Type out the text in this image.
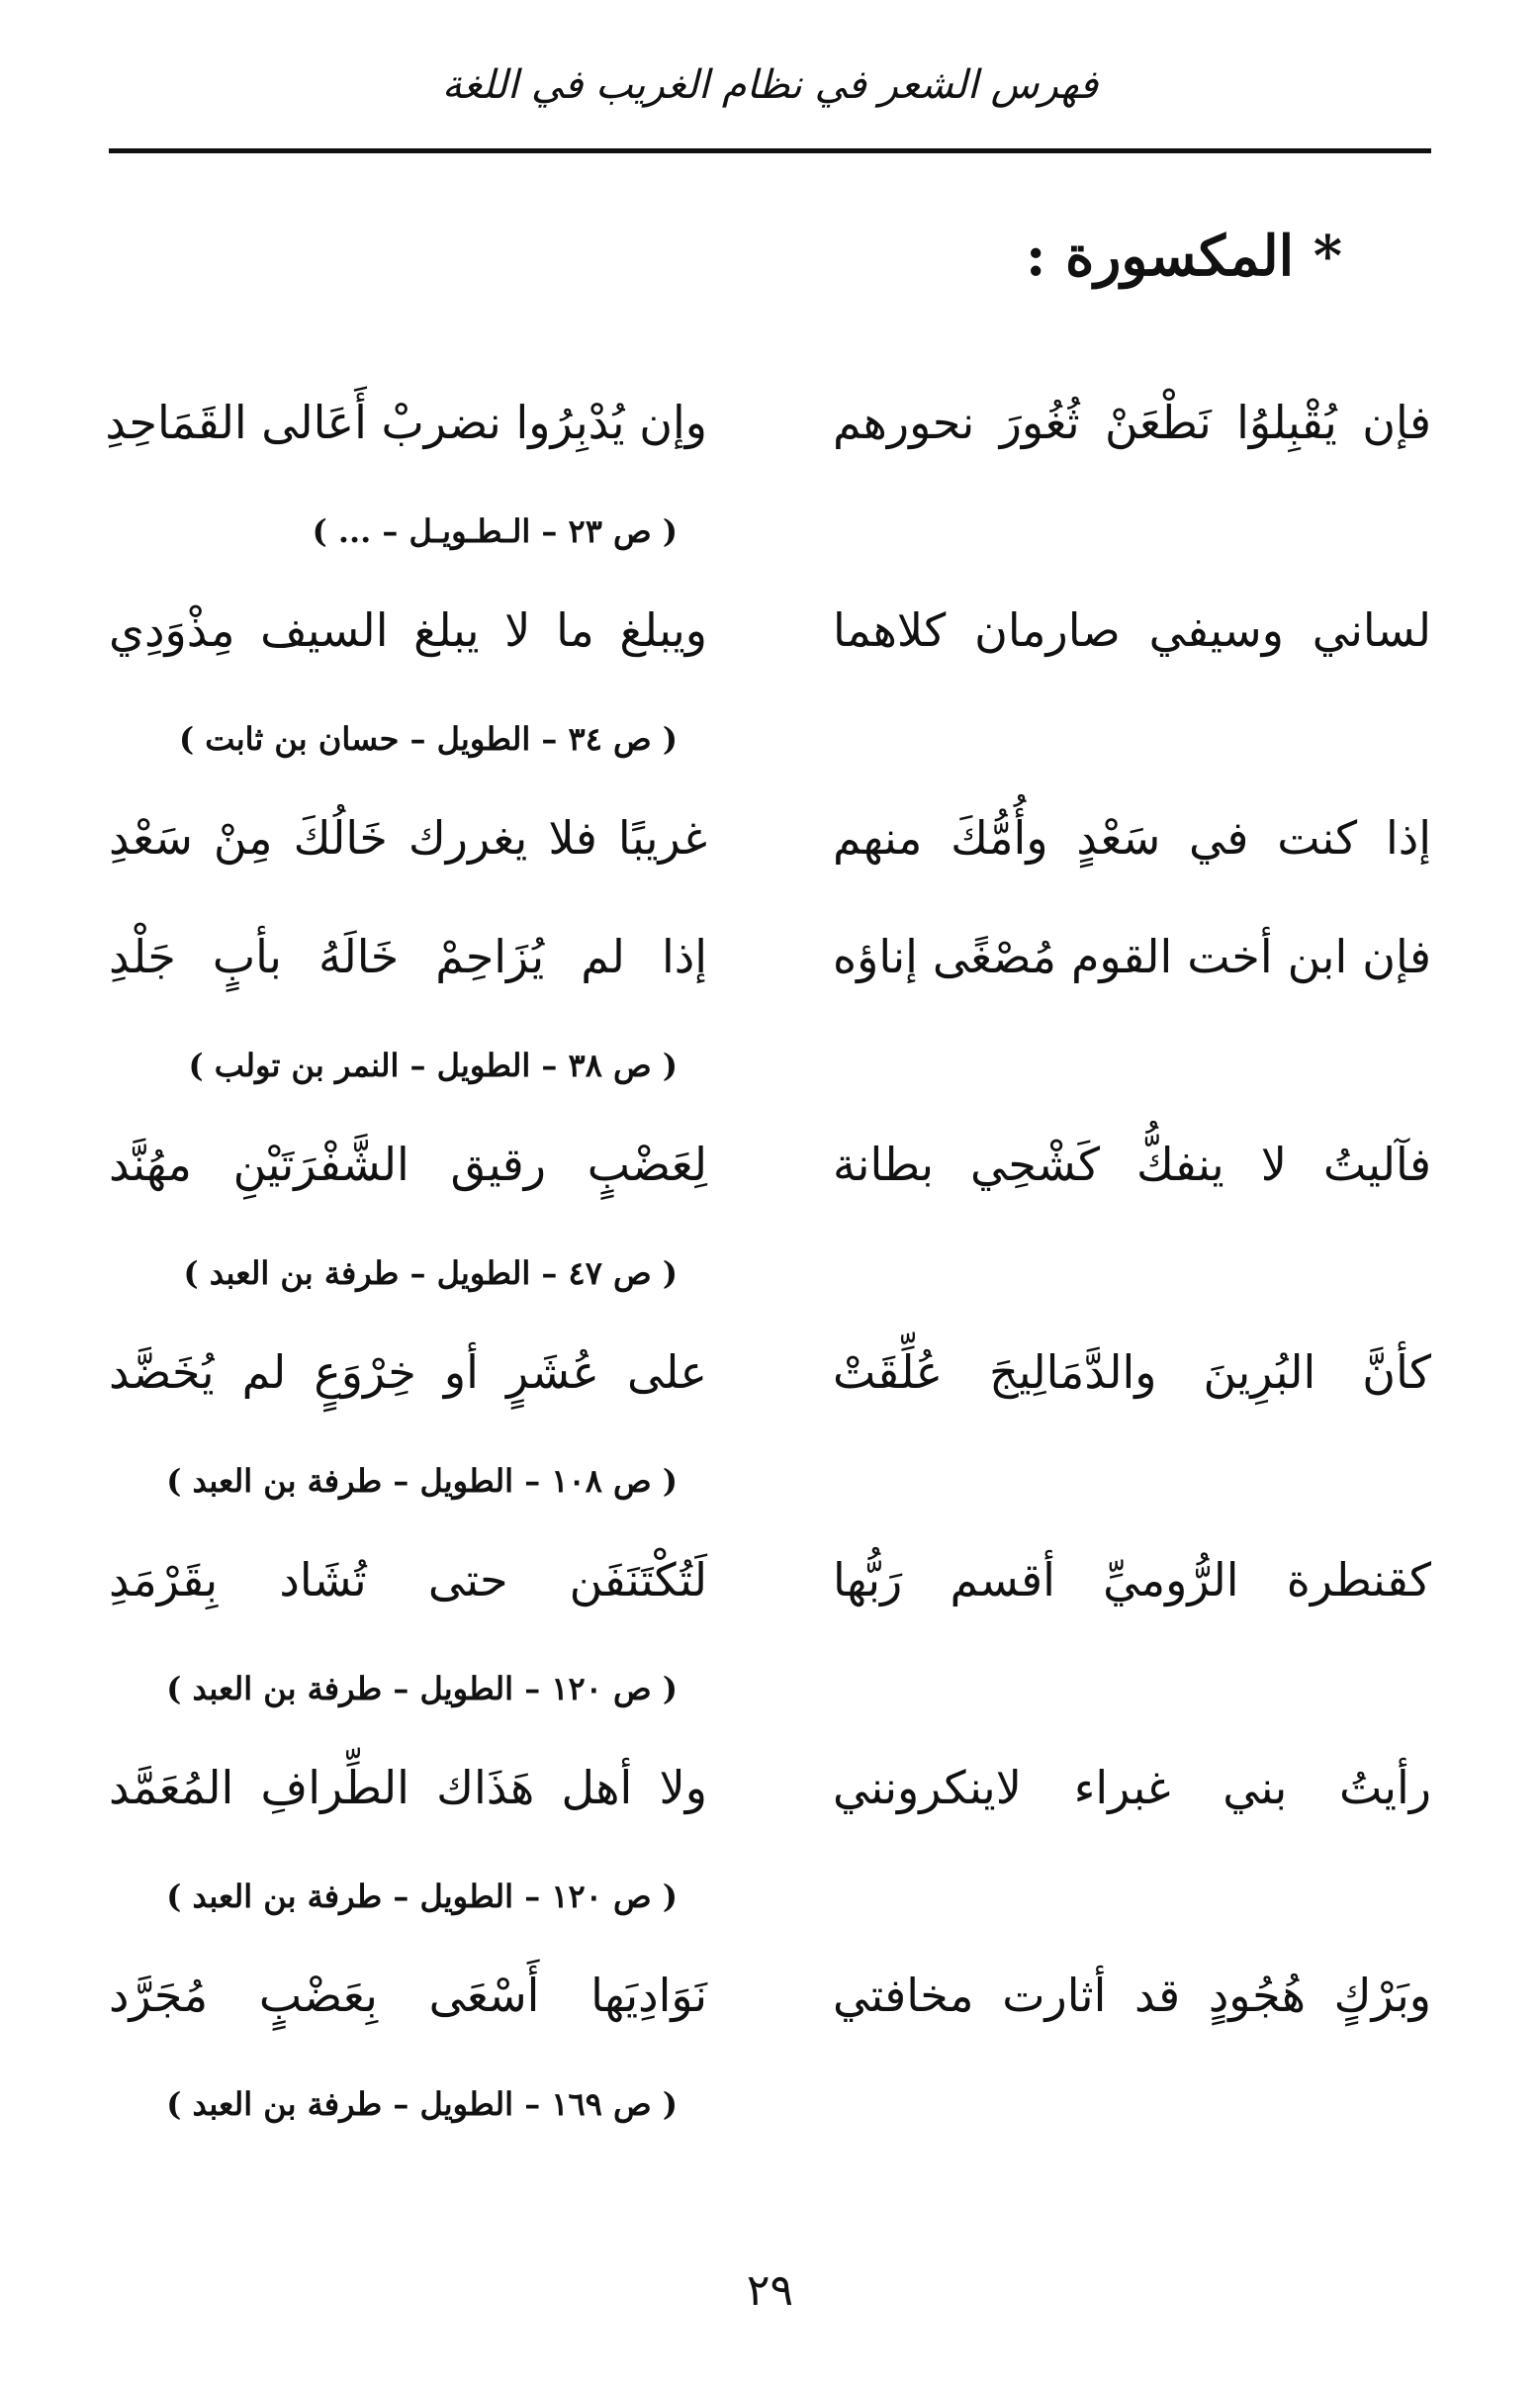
فهرس الشعر في نظام الغريب في اللغة
* المكسورة :
فإن يُقْبِلوُا نَطْعَنْ ثُغُورَ نحورهم
وإن يُدْبِرُوا نضربْ أَعَالى القَمَاحِدِ
( ص ٢٣ – الـطـويـل – ... )
لساني وسيفي صارمان كلاهما
ويبلغ ما لا يبلغ السيف مِذْوَدِي
( ص ٣٤ – الطويل – حسان بن ثابت )
إذا كنت في سَعْدٍ وأُمُّكَ منهم
غريبًا فلا يغررك خَالُكَ مِنْ سَعْدِ
فإن ابن أخت القوم مُصْغًى إناؤه
إذا لم يُزَاحِمْ خَالَهُ بأبٍ جَلْدِ
( ص ٣٨ – الطويل – النمر بن تولب )
فآليتُ لا ينفكُّ كَشْحِي بطانة
لِعَضْبٍ رقيق الشَّفْرَتَيْنِ مهُنَّد
( ص ٤٧ – الطويل – طرفة بن العبد )
كأنَّ البُرِينَ والدَّمَالِيجَ عُلِّقَتْ
على عُشَرٍ أو خِرْوَعٍ لم يُخَضَّد
( ص ١٠٨ – الطويل – طرفة بن العبد )
كقنطرة الرُّوميِّ أقسم رَبُّها
لَتُكْتَنَفَن حتى تُشَاد بِقَرْمَدِ
( ص ١٢٠ – الطويل – طرفة بن العبد )
رأيتُ بني غبراء لاينكرونني
ولا أهل هَذَاك الطِّرافِ المُعَمَّد
( ص ١٢٠ – الطويل – طرفة بن العبد )
وبَرْكٍ هُجُودٍ قد أثارت مخافتي
نَوَادِيَها أَسْعَى بِعَضْبٍ مُجَرَّد
( ص ١٦٩ – الطويل – طرفة بن العبد )
٢٩
